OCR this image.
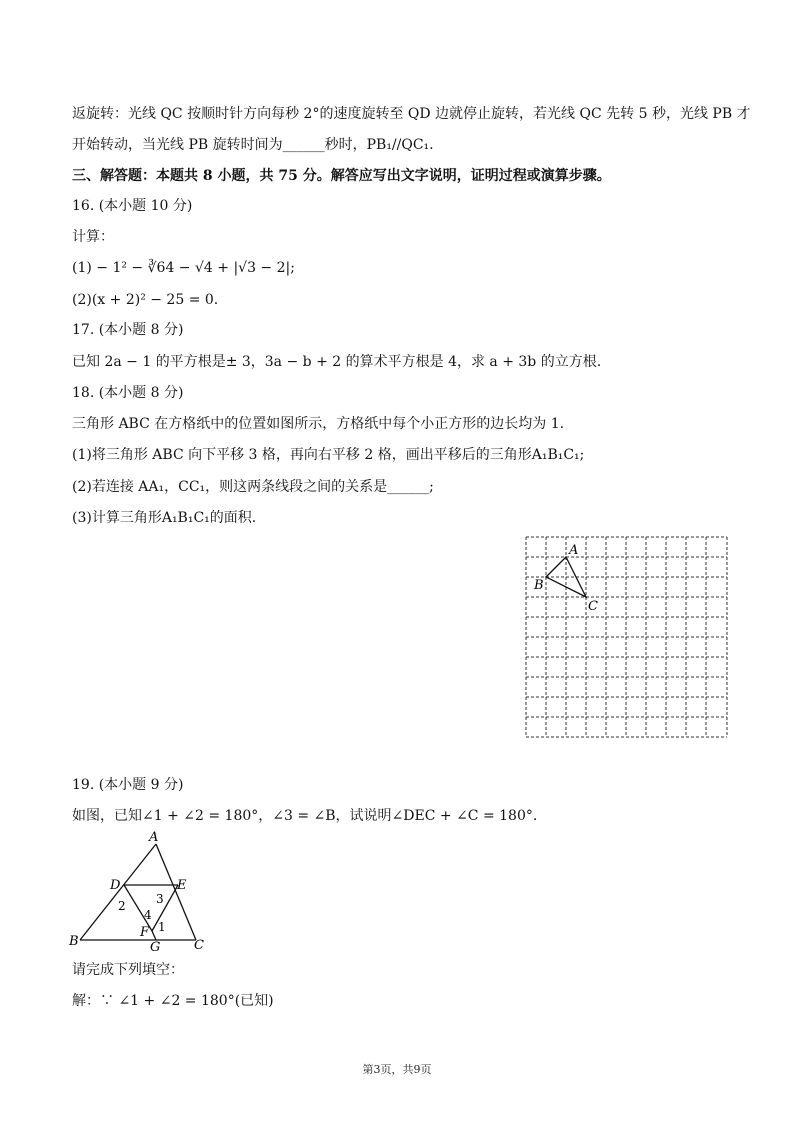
返旋转：光线 QC 按顺时针方向每秒 2°的速度旋转至 QD 边就停止旋转，若光线 QC 先转 5 秒，光线 PB 才
开始转动，当光线 PB 旋转时间为______秒时，PB₁//QC₁.
三、解答题：本题共 8 小题，共 75 分。解答应写出文字说明，证明过程或演算步骤。
16. (本小题 10 分)
计算：
(1) − 1² − ∛64 − √4 + |√3 − 2|;
(2)(x + 2)² − 25 = 0.
17. (本小题 8 分)
已知 2a − 1 的平方根是± 3，3a − b + 2 的算术平方根是 4，求 a + 3b 的立方根.
18. (本小题 8 分)
三角形 ABC 在方格纸中的位置如图所示，方格纸中每个小正方形的边长均为 1.
(1)将三角形 ABC 向下平移 3 格，再向右平移 2 格，画出平移后的三角形A₁B₁C₁;
(2)若连接 AA₁，CC₁，则这两条线段之间的关系是______;
(3)计算三角形A₁B₁C₁的面积.
A
B
C
19. (本小题 9 分)
如图，已知∠1 + ∠2 = 180°，∠3 = ∠B，试说明∠DEC + ∠C = 180°.
A
B	C
D	E
F
G
1
2	3
4
请完成下列填空：
解：∵ ∠1 + ∠2 = 180°(已知)
第3页，共9页
